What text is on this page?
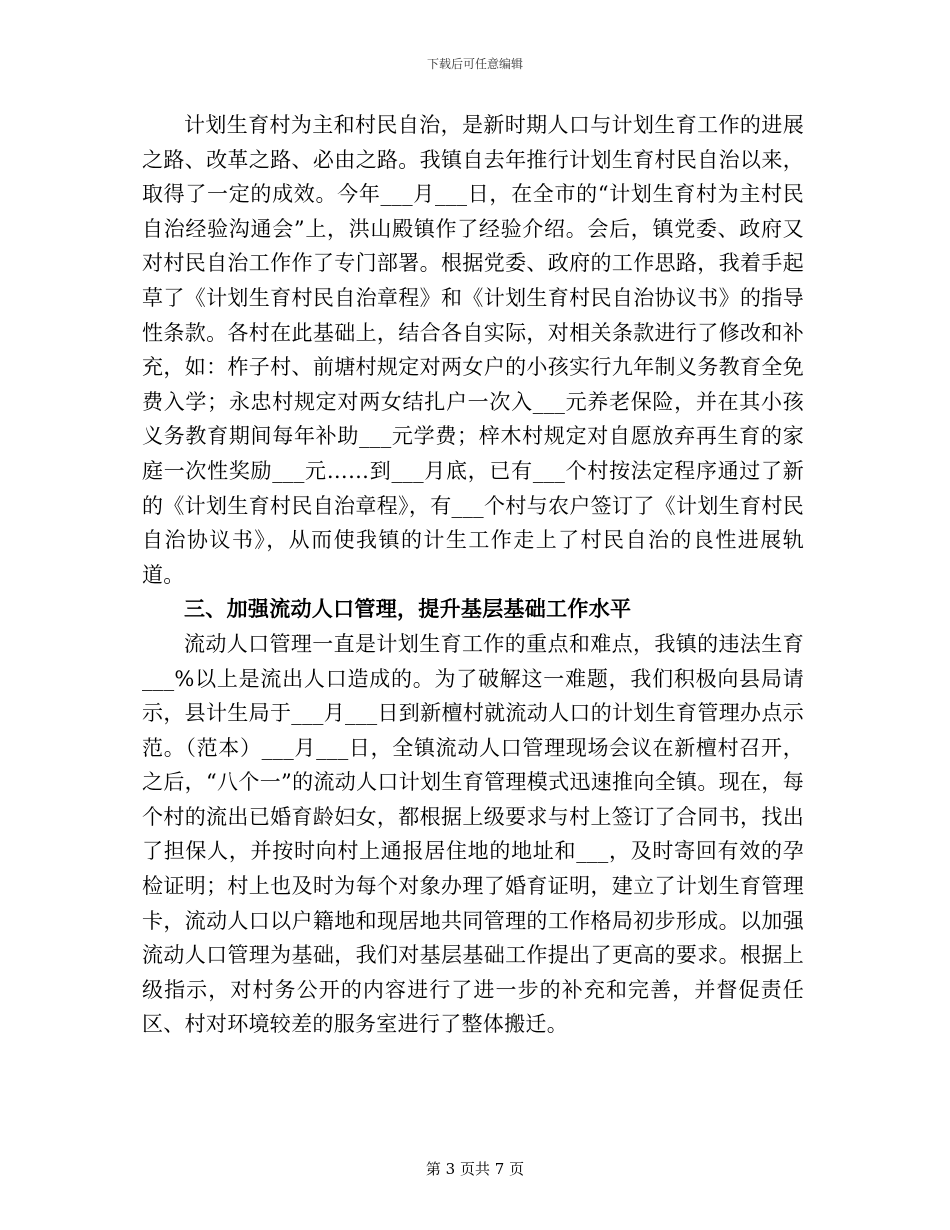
下载后可任意编辑

计划生育村为主和村民自治，是新时期人口与计划生育工作的进展之路、改革之路、必由之路。我镇自去年推行计划生育村民自治以来，取得了一定的成效。今年___月___日，在全市的“计划生育村为主村民自治经验沟通会”上，洪山殿镇作了经验介绍。会后，镇党委、政府又对村民自治工作作了专门部署。根据党委、政府的工作思路，我着手起草了《计划生育村民自治章程》和《计划生育村民自治协议书》的指导性条款。各村在此基础上，结合各自实际，对相关条款进行了修改和补充，如：柞子村、前塘村规定对两女户的小孩实行九年制义务教育全免费入学；永忠村规定对两女结扎户一次入___元养老保险，并在其小孩义务教育期间每年补助___元学费；梓木村规定对自愿放弃再生育的家庭一次性奖励___元……到___月底，已有___个村按法定程序通过了新的《计划生育村民自治章程》，有___个村与农户签订了《计划生育村民自治协议书》，从而使我镇的计生工作走上了村民自治的良性进展轨道。

三、加强流动人口管理，提升基层基础工作水平

流动人口管理一直是计划生育工作的重点和难点，我镇的违法生育___%以上是流出人口造成的。为了破解这一难题，我们积极向县局请示，县计生局于___月___日到新檀村就流动人口的计划生育管理办点示范。（范本）___月___日，全镇流动人口管理现场会议在新檀村召开，之后，“八个一”的流动人口计划生育管理模式迅速推向全镇。现在，每个村的流出已婚育龄妇女，都根据上级要求与村上签订了合同书，找出了担保人，并按时向村上通报居住地的地址和___，及时寄回有效的孕检证明；村上也及时为每个对象办理了婚育证明，建立了计划生育管理卡，流动人口以户籍地和现居地共同管理的工作格局初步形成。以加强流动人口管理为基础，我们对基层基础工作提出了更高的要求。根据上级指示，对村务公开的内容进行了进一步的补充和完善，并督促责任区、村对环境较差的服务室进行了整体搬迁。

第 3 页共 7 页
